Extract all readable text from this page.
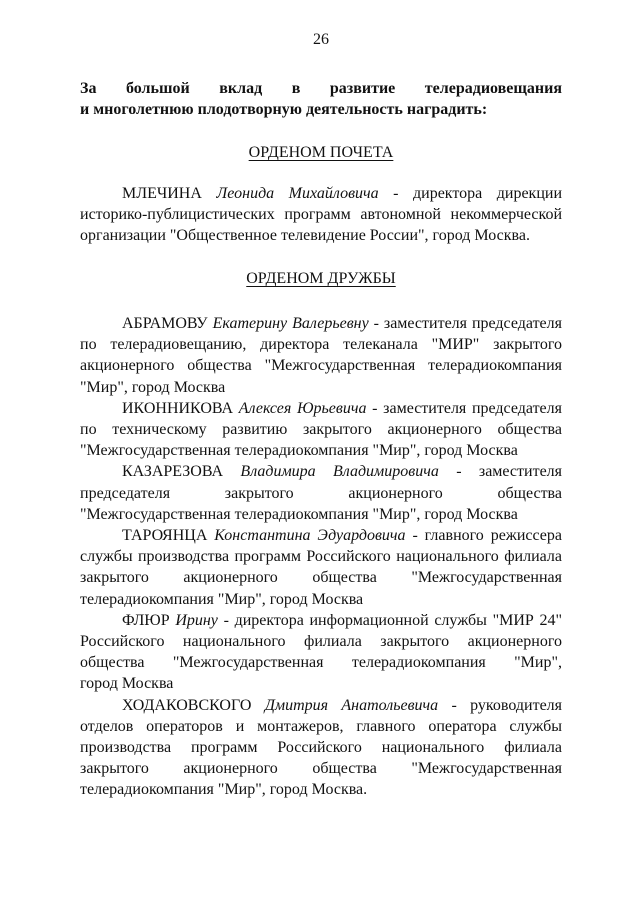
26
За большой вклад в развитие телерадиовещания
и многолетнюю плодотворную деятельность наградить:
ОРДЕНОМ ПОЧЕТА
МЛЕЧИНА Леонида Михайловича - директора дирекции
историко-публицистических программ автономной некоммерческой
организации "Общественное телевидение России", город Москва.
ОРДЕНОМ ДРУЖБЫ
АБРАМОВУ Екатерину Валерьевну - заместителя председателя
по телерадиовещанию, директора телеканала "МИР" закрытого
акционерного общества "Межгосударственная телерадиокомпания
"Мир", город Москва
ИКОННИКОВА Алексея Юрьевича - заместителя председателя
по техническому развитию закрытого акционерного общества
"Межгосударственная телерадиокомпания "Мир", город Москва
КАЗАРЕЗОВА Владимира Владимировича - заместителя
председателя закрытого акционерного общества
"Межгосударственная телерадиокомпания "Мир", город Москва
ТАРОЯНЦА Константина Эдуардовича - главного режиссера
службы производства программ Российского национального филиала
закрытого акционерного общества "Межгосударственная
телерадиокомпания "Мир", город Москва
ФЛЮР Ирину - директора информационной службы "МИР 24"
Российского национального филиала закрытого акционерного
общества "Межгосударственная телерадиокомпания "Мир",
город Москва
ХОДАКОВСКОГО Дмитрия Анатольевича - руководителя
отделов операторов и монтажеров, главного оператора службы
производства программ Российского национального филиала
закрытого акционерного общества "Межгосударственная
телерадиокомпания "Мир", город Москва.
